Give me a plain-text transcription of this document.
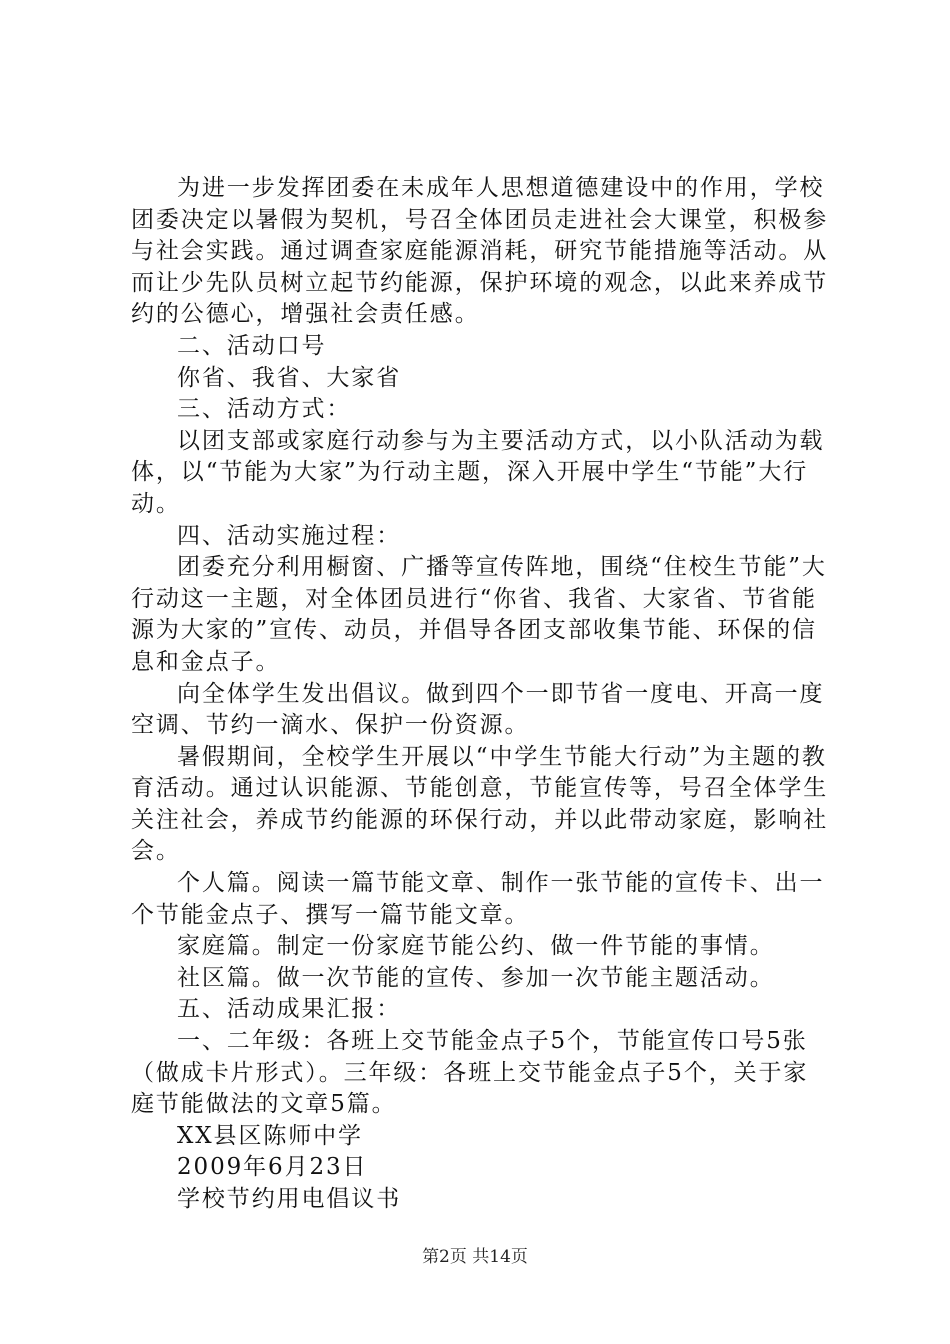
为进一步发挥团委在未成年人思想道德建设中的作用，学校团委决定以暑假为契机，号召全体团员走进社会大课堂，积极参与社会实践。通过调查家庭能源消耗，研究节能措施等活动。从而让少先队员树立起节约能源，保护环境的观念，以此来养成节约的公德心，增强社会责任感。

二、活动口号

你省、我省、大家省

三、活动方式：

以团支部或家庭行动参与为主要活动方式，以小队活动为载体，以“节能为大家”为行动主题，深入开展中学生“节能”大行动。

四、活动实施过程：

团委充分利用橱窗、广播等宣传阵地，围绕“住校生节能”大行动这一主题，对全体团员进行“你省、我省、大家省、节省能源为大家的”宣传、动员，并倡导各团支部收集节能、环保的信息和金点子。

向全体学生发出倡议。做到四个一即节省一度电、开高一度空调、节约一滴水、保护一份资源。

暑假期间，全校学生开展以“中学生节能大行动”为主题的教育活动。通过认识能源、节能创意，节能宣传等，号召全体学生关注社会，养成节约能源的环保行动，并以此带动家庭，影响社会。

个人篇。阅读一篇节能文章、制作一张节能的宣传卡、出一个节能金点子、撰写一篇节能文章。

家庭篇。制定一份家庭节能公约、做一件节能的事情。

社区篇。做一次节能的宣传、参加一次节能主题活动。

五、活动成果汇报：

一、二年级：各班上交节能金点子5个，节能宣传口号5张（做成卡片形式）。三年级：各班上交节能金点子5个，关于家庭节能做法的文章5篇。

XX县区陈师中学

2009年6月23日

学校节约用电倡议书

第2页 共14页
